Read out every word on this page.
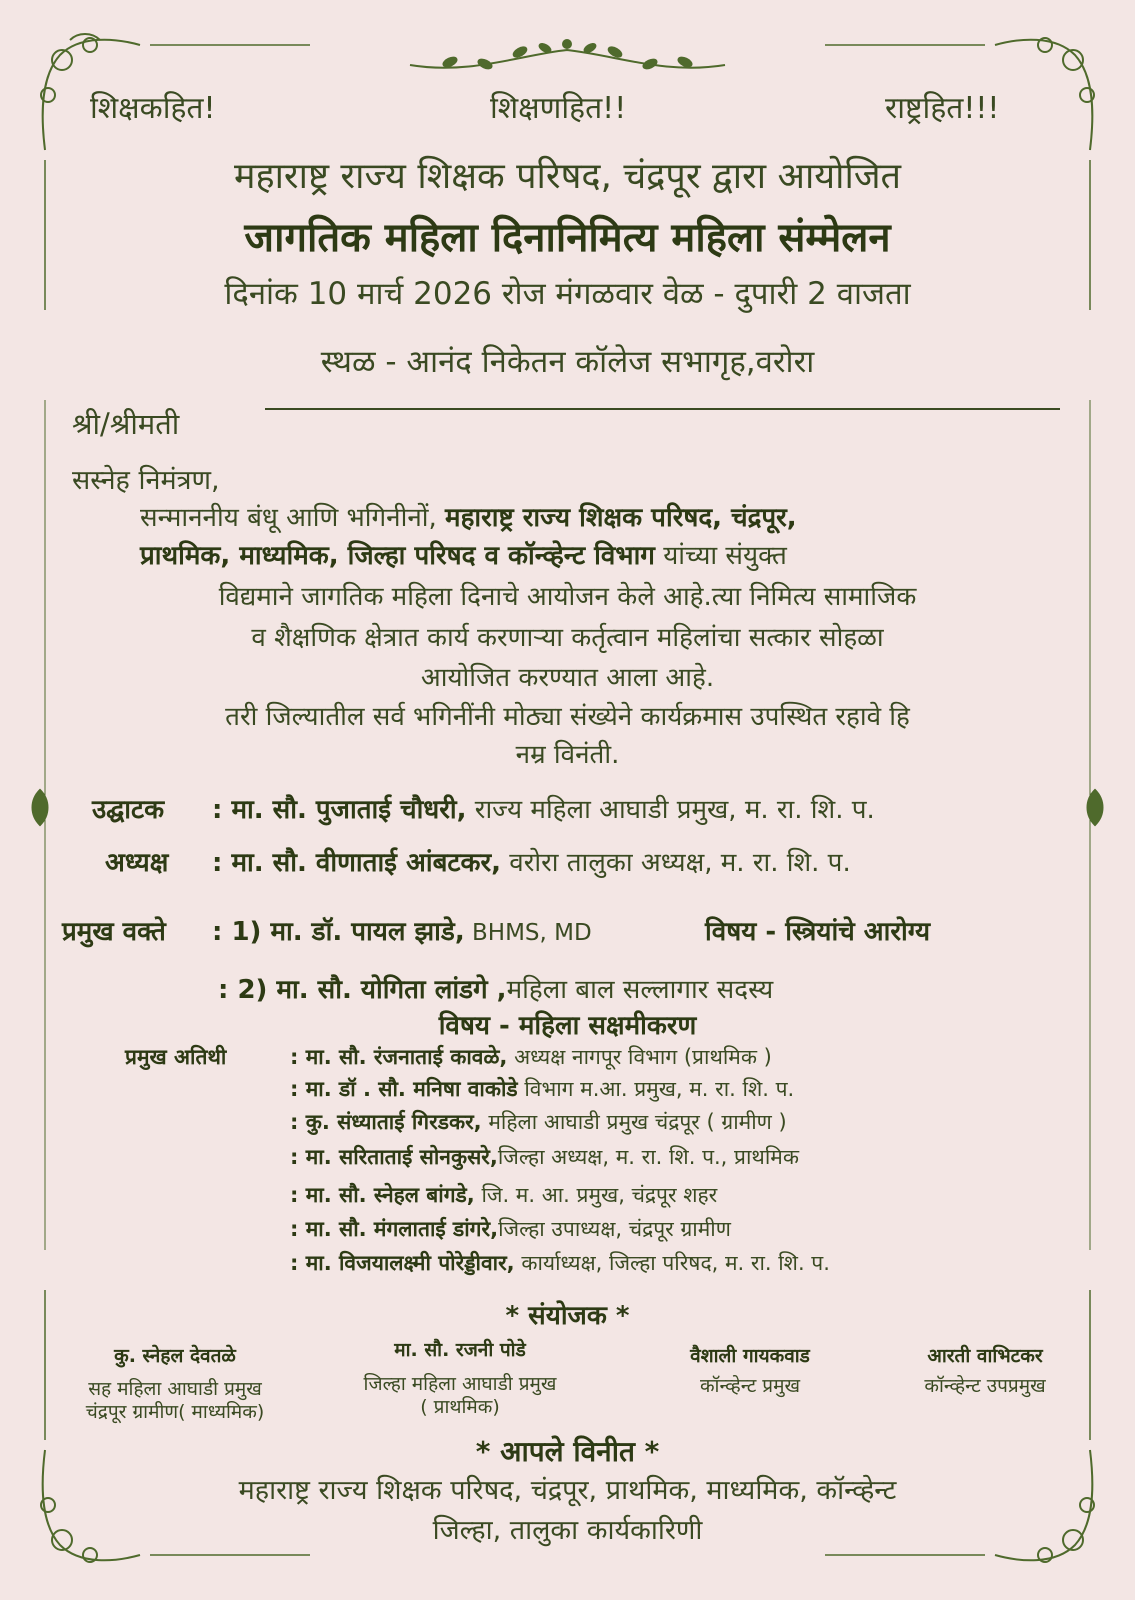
शिक्षकहित!	शिक्षणहित!!	राष्ट्रहित!!!
महाराष्ट्र राज्य शिक्षक परिषद, चंद्रपूर द्वारा आयोजित
जागतिक महिला दिनानिमित्य महिला संम्मेलन
दिनांक 10 मार्च 2026 रोज मंगळवार वेळ - दुपारी 2 वाजता
स्थळ - आनंद निकेतन कॉलेज सभागृह,वरोरा
श्री/श्रीमती
सस्नेह निमंत्रण,
सन्माननीय बंधू आणि भगिनीनों, महाराष्ट्र राज्य शिक्षक परिषद, चंद्रपूर,
प्राथमिक, माध्यमिक, जिल्हा परिषद व कॉन्व्हेन्ट विभाग यांच्या संयुक्त
विद्यमाने जागतिक महिला दिनाचे आयोजन केले आहे.त्या निमित्य सामाजिक
व शैक्षणिक क्षेत्रात कार्य करणाऱ्या कर्तृत्वान महिलांचा सत्कार सोहळा
आयोजित करण्यात आला आहे.
तरी जिल्यातील सर्व भगिनींनी मोठ्या संख्येने कार्यक्रमास उपस्थित रहावे हि
नम्र विनंती.
उद्घाटक : मा. सौ. पुजाताई चौधरी, राज्य महिला आघाडी प्रमुख, म. रा. शि. प.
अध्यक्ष : मा. सौ. वीणाताई आंबटकर, वरोरा तालुका अध्यक्ष, म. रा. शि. प.
प्रमुख वक्ते : 1) मा. डॉ. पायल झाडे, BHMS, MD	विषय - स्त्रियांचे आरोग्य
: 2) मा. सौ. योगिता लांडगे ,महिला बाल सल्लागार सदस्य
विषय - महिला सक्षमीकरण
प्रमुख अतिथी	: मा. सौ. रंजनाताई कावळे, अध्यक्ष नागपूर विभाग (प्राथमिक )
: मा. डॉ . सौ. मनिषा वाकोडे विभाग म.आ. प्रमुख, म. रा. शि. प.
: कु. संध्याताई गिरडकर, महिला आघाडी प्रमुख चंद्रपूर ( ग्रामीण )
: मा. सरिताताई सोनकुसरे,जिल्हा अध्यक्ष, म. रा. शि. प., प्राथमिक
: मा. सौ. स्नेहल बांगडे, जि. म. आ. प्रमुख, चंद्रपूर शहर
: मा. सौ. मंगलाताई डांगरे,जिल्हा उपाध्यक्ष, चंद्रपूर ग्रामीण
: मा. विजयालक्ष्मी पोरेड्डीवार, कार्याध्यक्ष, जिल्हा परिषद, म. रा. शि. प.
* संयोजक *
कु. स्नेहल देवतळे
सह महिला आघाडी प्रमुख
चंद्रपूर ग्रामीण( माध्यमिक)
मा. सौ. रजनी पोडे
जिल्हा महिला आघाडी प्रमुख
( प्राथमिक)
वैशाली गायकवाड
कॉन्व्हेन्ट प्रमुख
आरती वाभिटकर
कॉन्व्हेन्ट उपप्रमुख
* आपले विनीत *
महाराष्ट्र राज्य शिक्षक परिषद, चंद्रपूर, प्राथमिक, माध्यमिक, कॉन्व्हेन्ट
जिल्हा, तालुका कार्यकारिणी
